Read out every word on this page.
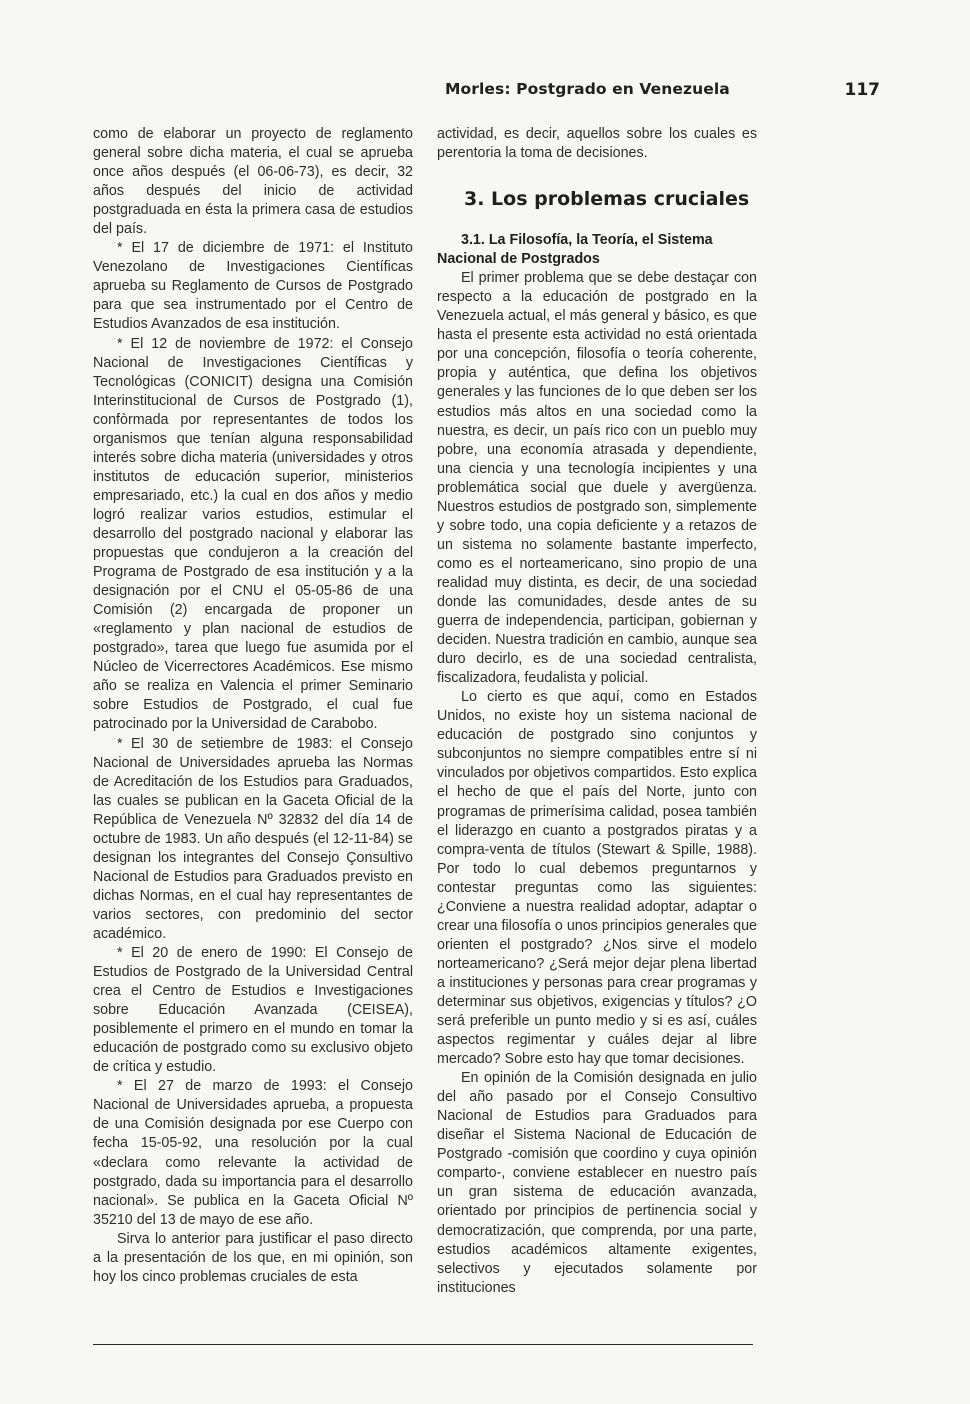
Morles: Postgrado en Venezuela	117

como de elaborar un proyecto de reglamento general sobre dicha materia, el cual se aprueba once años después (el 06-06-73), es decir, 32 años después del inicio de actividad postgraduada en ésta la primera casa de estudios del país.

* El 17 de diciembre de 1971: el Instituto Venezolano de Investigaciones Científicas aprueba su Reglamento de Cursos de Postgrado para que sea instrumentado por el Centro de Estudios Avanzados de esa institución.

* El 12 de noviembre de 1972: el Consejo Nacional de Investigaciones Científicas y Tecnológicas (CONICIT) designa una Comisión Interinstitucional de Cursos de Postgrado (1), confòrmada por representantes de todos los organismos que tenían alguna responsabilidad interés sobre dicha materia (universidades y otros institutos de educación superior, ministerios empresariado, etc.) la cual en dos años y medio logró realizar varios estudios, estimular el desarrollo del postgrado nacional y elaborar las propuestas que condujeron a la creación del Programa de Postgrado de esa institución y a la designación por el CNU el 05-05-86 de una Comisión (2) encargada de proponer un «reglamento y plan nacional de estudios de postgrado», tarea que luego fue asumida por el Núcleo de Vicerrectores Académicos. Ese mismo año se realiza en Valencia el primer Seminario sobre Estudios de Postgrado, el cual fue patrocinado por la Universidad de Carabobo.

* El 30 de setiembre de 1983: el Consejo Nacional de Universidades aprueba las Normas de Acreditación de los Estudios para Graduados, las cuales se publican en la Gaceta Oficial de la República de Venezuela Nº 32832 del día 14 de octubre de 1983. Un año después (el 12-11-84) se designan los integrantes del Consejo Çonsultivo Nacional de Estudios para Graduados previsto en dichas Normas, en el cual hay representantes de varios sectores, con predominio del sector académico.

* El 20 de enero de 1990: El Consejo de Estudios de Postgrado de la Universidad Central crea el Centro de Estudios e Investigaciones sobre Educación Avanzada (CEISEA), posiblemente el primero en el mundo en tomar la educación de postgrado como su exclusivo objeto de crítica y estudio.

* El 27 de marzo de 1993: el Consejo Nacional de Universidades aprueba, a propuesta de una Comisión designada por ese Cuerpo con fecha 15-05-92, una resolución por la cual «declara como relevante la actividad de postgrado, dada su importancia para el desarrollo nacional». Se publica en la Gaceta Oficial Nº 35210 del 13 de mayo de ese año.

Sirva lo anterior para justificar el paso directo a la presentación de los que, en mi opinión, son hoy los cinco problemas cruciales de esta

actividad, es decir, aquellos sobre los cuales es perentoria la toma de decisiones.

3. Los problemas cruciales

3.1. La Filosofía, la Teoría, el Sistema Nacional de Postgrados

El primer problema que se debe destaçar con respecto a la educación de postgrado en la Venezuela actual, el más general y básico, es que hasta el presente esta actividad no está orientada por una concepción, filosofía o teoría coherente, propia y auténtica, que defina los objetivos generales y las funciones de lo que deben ser los estudios más altos en una sociedad como la nuestra, es decir, un país rico con un pueblo muy pobre, una economía atrasada y dependiente, una ciencia y una tecnología incipientes y una problemática social que duele y avergüenza. Nuestros estudios de postgrado son, simplemente y sobre todo, una copia deficiente y a retazos de un sistema no solamente bastante imperfecto, como es el norteamericano, sino propio de una realidad muy distinta, es decir, de una sociedad donde las comunidades, desde antes de su guerra de independencia, participan, gobiernan y deciden. Nuestra tradición en cambio, aunque sea duro decirlo, es de una sociedad centralista, fiscalizadora, feudalista y policial.

Lo cierto es que aquí, como en Estados Unidos, no existe hoy un sistema nacional de educación de postgrado sino conjuntos y subconjuntos no siempre compatibles entre sí ni vinculados por objetivos compartidos. Esto explica el hecho de que el país del Norte, junto con programas de primerísima calidad, posea también el liderazgo en cuanto a postgrados piratas y a compra-venta de títulos (Stewart & Spille, 1988). Por todo lo cual debemos preguntarnos y contestar preguntas como las siguientes: ¿Conviene a nuestra realidad adoptar, adaptar o crear una filosofía o unos principios generales que orienten el postgrado? ¿Nos sirve el modelo norteamericano? ¿Será mejor dejar plena libertad a instituciones y personas para crear programas y determinar sus objetivos, exigencias y títulos? ¿O será preferible un punto medio y si es así, cuáles aspectos regimentar y cuáles dejar al libre mercado? Sobre esto hay que tomar decisiones.

En opinión de la Comisión designada en julio del año pasado por el Consejo Consultivo Nacional de Estudios para Graduados para diseñar el Sistema Nacional de Educación de Postgrado -comisión que coordino y cuya opinión comparto-, conviene establecer en nuestro país un gran sistema de educación avanzada, orientado por principios de pertinencia social y democratización, que comprenda, por una parte, estudios académicos altamente exigentes, selectivos y ejecutados solamente por instituciones
